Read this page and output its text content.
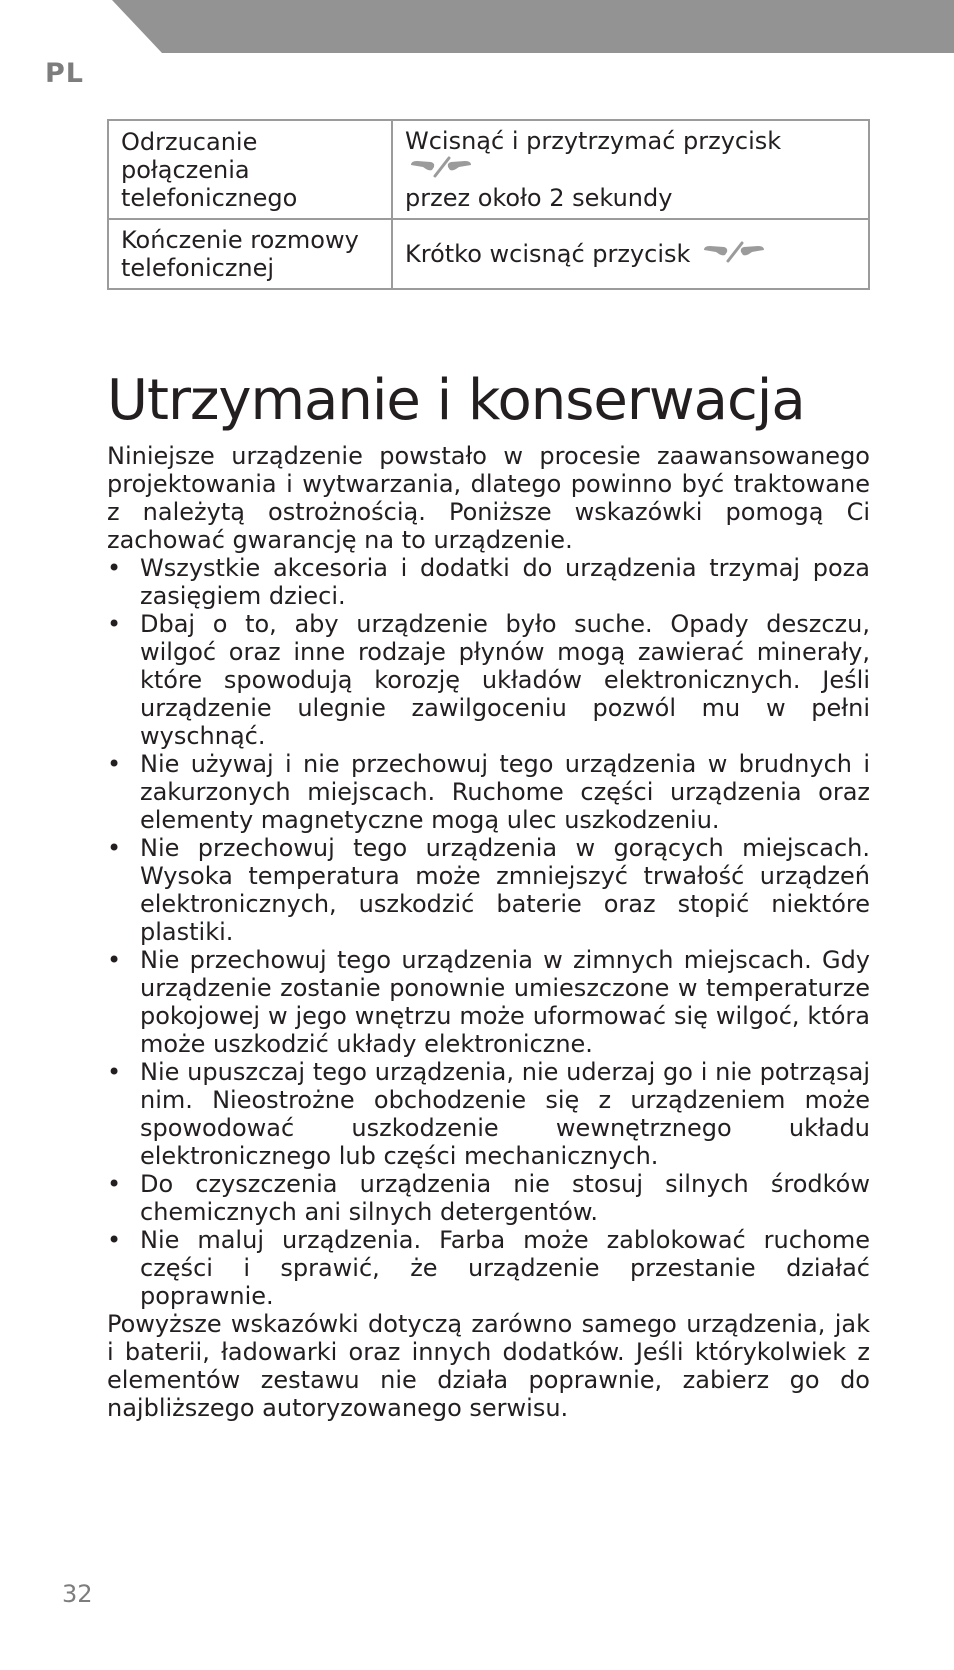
PL
Odrzucanie połączenia telefonicznego	Wcisnąć i przytrzymać przycisk
przez około 2 sekundy
Kończenie rozmowy telefonicznej	Krótko wcisnąć przycisk
Utrzymanie i konserwacja

Niniejsze urządzenie powstało w procesie zaawansowanego projektowania i wytwarzania, dlatego powinno być traktowane z należytą ostrożnością. Poniższe wskazówki pomogą Ci zachować gwarancję na to urządzenie.

• Wszystkie akcesoria i dodatki do urządzenia trzymaj poza zasięgiem dzieci.
• Dbaj o to, aby urządzenie było suche. Opady deszczu, wilgoć oraz inne rodzaje płynów mogą zawierać minerały, które spowodują korozję układów elektronicznych. Jeśli urządzenie ulegnie zawilgoceniu pozwól mu w pełni wyschnąć.
• Nie używaj i nie przechowuj tego urządzenia w brudnych i zakurzonych miejscach. Ruchome części urządzenia oraz elementy magnetyczne mogą ulec uszkodzeniu.
• Nie przechowuj tego urządzenia w gorących miejscach. Wysoka temperatura może zmniejszyć trwałość urządzeń elektronicznych, uszkodzić baterie oraz stopić niektóre plastiki.
• Nie przechowuj tego urządzenia w zimnych miejscach. Gdy urządzenie zostanie ponownie umieszczone w temperaturze pokojowej w jego wnętrzu może uformować się wilgoć, która może uszkodzić układy elektroniczne.
• Nie upuszczaj tego urządzenia, nie uderzaj go i nie potrząsaj nim. Nieostrożne obchodzenie się z urządzeniem może spowodować uszkodzenie wewnętrznego układu elektronicznego lub części mechanicznych.
• Do czyszczenia urządzenia nie stosuj silnych środków chemicznych ani silnych detergentów.
• Nie maluj urządzenia. Farba może zablokować ruchome części i sprawić, że urządzenie przestanie działać poprawnie.

Powyższe wskazówki dotyczą zarówno samego urządzenia, jak i baterii, ładowarki oraz innych dodatków. Jeśli którykolwiek z elementów zestawu nie działa poprawnie, zabierz go do najbliższego autoryzowanego serwisu.

32
